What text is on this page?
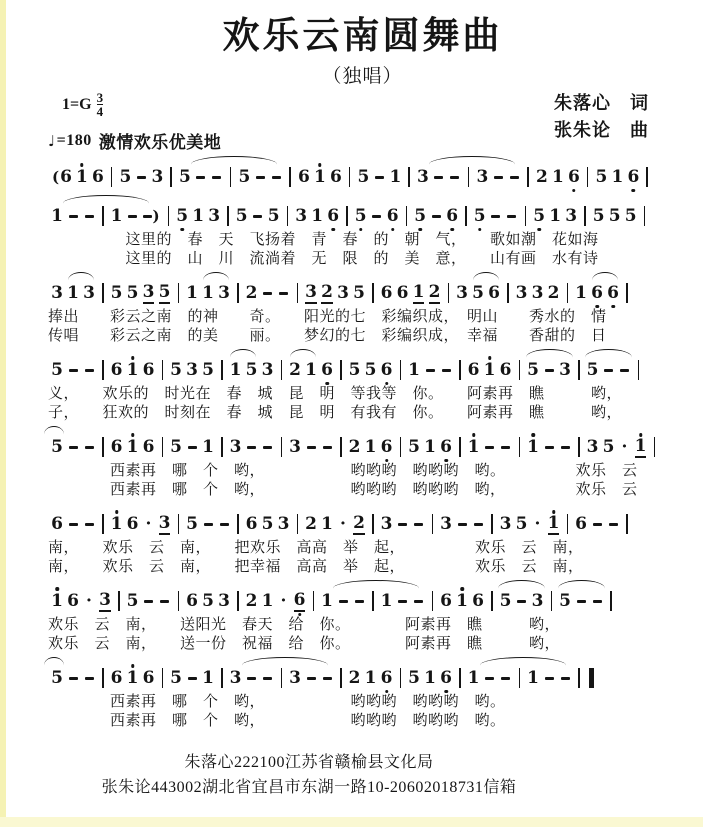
欢乐云南圆舞曲
（独唱）
$1=G \frac{3}{4}$	朱落心　词
张朱论　曲
♩ =180 激情欢乐优美地
( 6 1 6 5 3 5	5	6 1 6 5 1 3	3	2 1 6 5 1 6
1	1 ) 5 1 3 5 5 3 1 6 5 6 5 6 5	5 1 3 5 5 5
　　　　　这里的　春　天　飞扬着　青　春　的　朝　气，　　歌如潮　花如海
　　　　　这里的　山　川　流淌着　无　限　的　美　意，　　山有画　水有诗
3 1 3 5 5 3 5 1 1 3 2	3 2 3 5 6 6 1 2 3 5 6 3 3 2 1 6 6
捧出　　彩云之南　的神　　奇。　　阳光的七　彩编织成，　明山　　秀水的　情
传唱　　彩云之南　的美　　丽。　　梦幻的七　彩编织成，　幸福　　香甜的　日
5	6 1 6 5 3 5 1 5 3 2 1 6 5 5 6 1	6 1 6 5 3 5
义，　　欢乐的　时光在　春　城　昆　明　等我等　你。　　阿素再　瞧　　　哟，
子，　　狂欢的　时刻在　春　城　昆　明　有我有　你。　　阿素再　瞧　　　哟，
5	6 1 6 5 1 3	3	2 1 6 5 1 6 1	1	3 5 · 1
　　　　西素再　哪　个　哟，　　　　　　哟哟哟　哟哟哟　哟。　　　　　欢乐　云
　　　　西素再　哪　个　哟，　　　　　　哟哟哟　哟哟哟　哟，　　　　　欢乐　云
6	1 6 · 3 5	6 5 3 2 1 · 2 3	3	3 5 · 1 6
南，　　欢乐　云　南，　　把欢乐　高高　举　起，　　　　　欢乐　云　南，
南，　　欢乐　云　南，　　把幸福　高高　举　起，　　　　　欢乐　云　南，
1 6 · 3 5	6 5 3 2 1 · 6 1	1	6 1 6 5 3 5
欢乐　云　南，　　送阳光　春天　给　你。　　　　阿素再　瞧　　　哟，
欢乐　云　南，　　送一份　祝福　给　你。　　　　阿素再　瞧　　　哟，
5	6 1 6 5 1 3	3	2 1 6 5 1 6 1	1
　　　　西素再　哪　个　哟，　　　　　　哟哟哟　哟哟哟　哟。
　　　　西素再　哪　个　哟，　　　　　　哟哟哟　哟哟哟　哟。
朱落心222100江苏省赣榆县文化局
张朱论443002湖北省宜昌市东湖一路10-20602018731信箱
